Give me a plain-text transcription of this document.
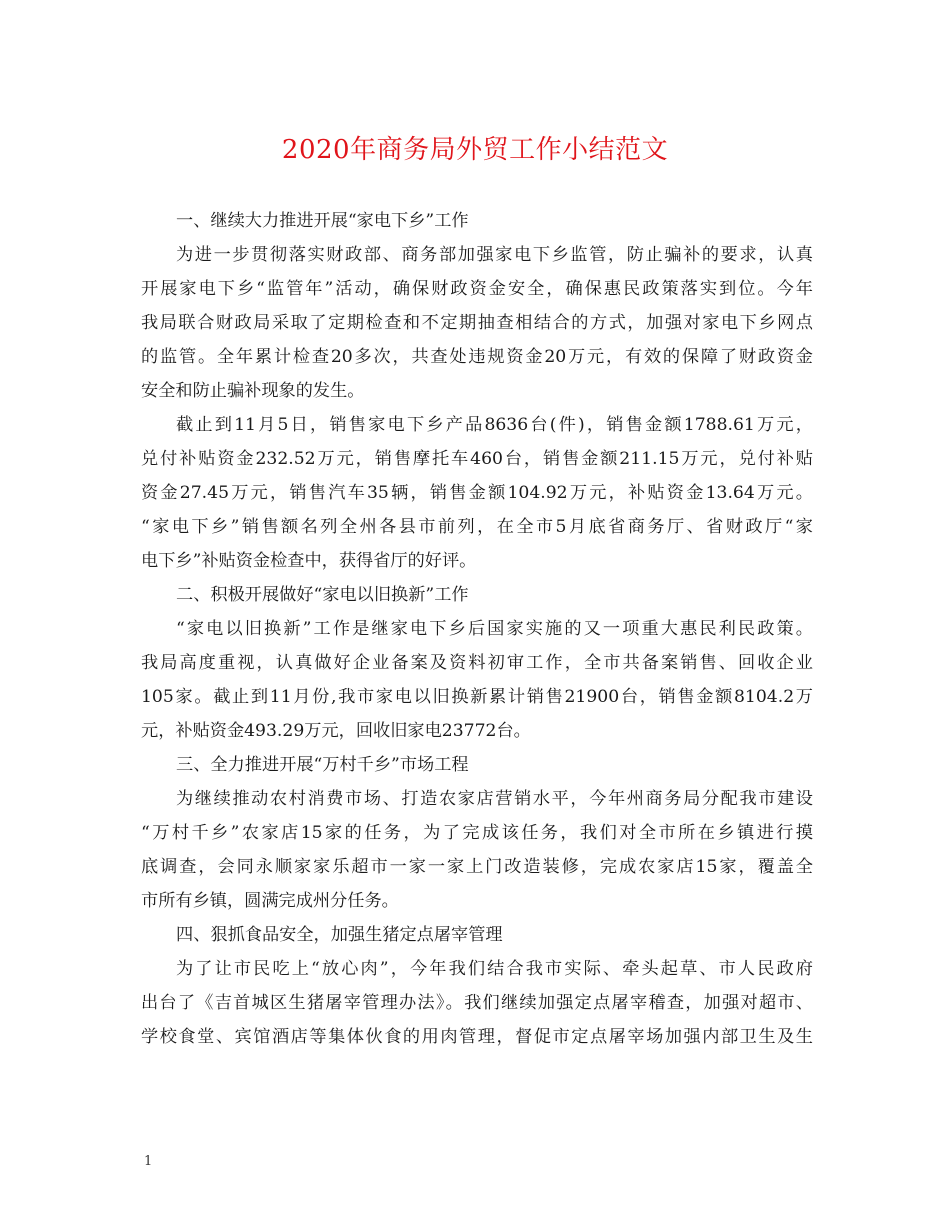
2020年商务局外贸工作小结范文
一、继续大力推进开展“家电下乡”工作
为进一步贯彻落实财政部、商务部加强家电下乡监管，防止骗补的要求，认真
开展家电下乡“监管年”活动，确保财政资金安全，确保惠民政策落实到位。今年
我局联合财政局采取了定期检查和不定期抽查相结合的方式，加强对家电下乡网点
的监管。全年累计检查20多次，共查处违规资金20万元，有效的保障了财政资金
安全和防止骗补现象的发生。
截止到11月5日，销售家电下乡产品8636台(件)，销售金额1788.61万元，
兑付补贴资金232.52万元，销售摩托车460台，销售金额211.15万元，兑付补贴
资金27.45万元，销售汽车35辆，销售金额104.92万元，补贴资金13.64万元。
“家电下乡”销售额名列全州各县市前列，在全市5月底省商务厅、省财政厅“家
电下乡”补贴资金检查中，获得省厅的好评。
二、积极开展做好“家电以旧换新”工作
“家电以旧换新”工作是继家电下乡后国家实施的又一项重大惠民利民政策。
我局高度重视，认真做好企业备案及资料初审工作，全市共备案销售、回收企业
105家。截止到11月份,我市家电以旧换新累计销售21900台，销售金额8104.2万
元，补贴资金493.29万元，回收旧家电23772台。
三、全力推进开展“万村千乡”市场工程
为继续推动农村消费市场、打造农家店营销水平，今年州商务局分配我市建设
“万村千乡”农家店15家的任务，为了完成该任务，我们对全市所在乡镇进行摸
底调查，会同永顺家家乐超市一家一家上门改造装修，完成农家店15家，覆盖全
市所有乡镇，圆满完成州分任务。
四、狠抓食品安全，加强生猪定点屠宰管理
为了让市民吃上“放心肉”，今年我们结合我市实际、牵头起草、市人民政府
出台了《吉首城区生猪屠宰管理办法》。我们继续加强定点屠宰稽查，加强对超市、
学校食堂、宾馆酒店等集体伙食的用肉管理，督促市定点屠宰场加强内部卫生及生
1
